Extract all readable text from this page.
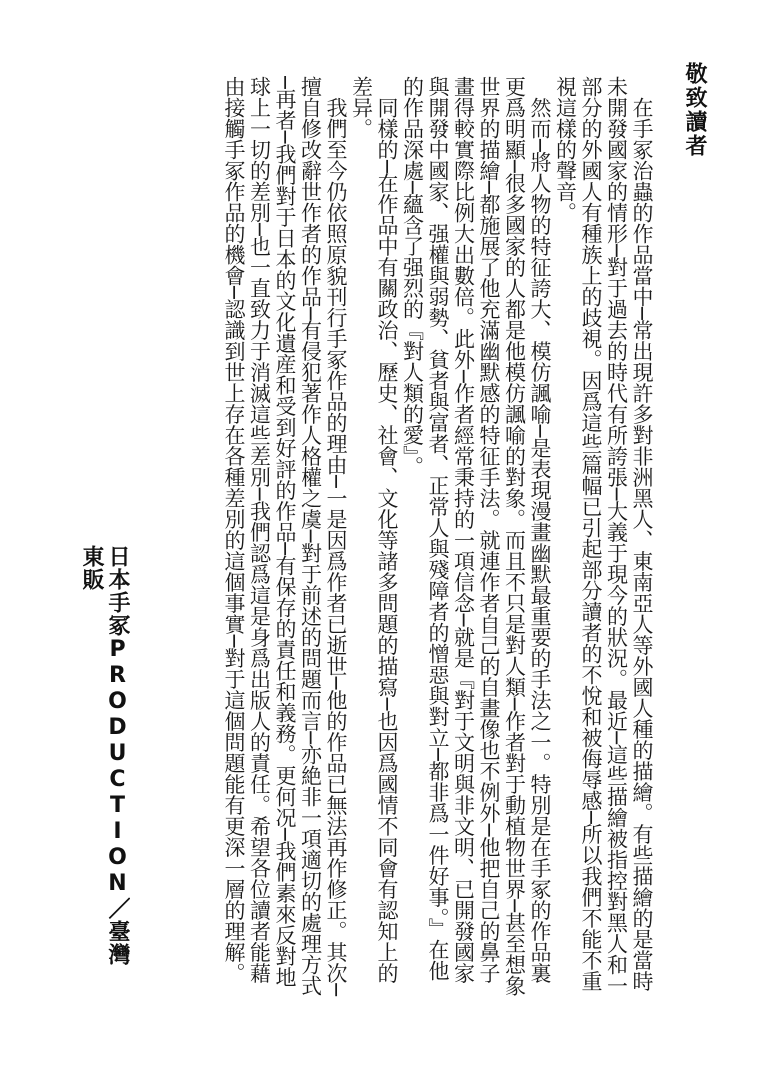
敬致讀者

在手冢治蟲的作品當中─常出現許多對非洲黑人、東南亞人等外國人種的描繪。有些描繪的是當時未開發國家的情形─對于過去的時代有所誇張─大義于現今的狀況。最近─這些描繪被指控對黑人和一部分的外國人有種族上的歧視。因爲這些篇幅已引起部分讀者的不悅和被侮辱感─所以我們不能不重視這樣的聲音。

然而─將人物的特征誇大、模仿諷喻─是表現漫畫幽默最重要的手法之一。特別是在手冢的作品裏更爲明顯─很多國家的人都是他模仿諷喻的對象。而且不只是對人類─作者對于動植物世界─甚至想象世界的描繪─都施展了他充滿幽默感的特征手法。就連作者自己的自畫像也不例外─他把自己的鼻子畫得較實際比例大出數倍。此外─作者經常秉持的一項信念─就是『對于文明與非文明、已開發國家與開發中國家、强權與弱勢、貧者與富者、正常人與殘障者的憎惡與對立─都非爲一件好事。』在他的作品深處─蘊含了强烈的『對人類的愛』。

同樣的─在作品中有關政治、歷史、社會、文化等諸多問題的描寫─也因爲國情不同會有認知上的差异。

我們至今仍依照原貌刊行手冢作品的理由─一是因爲作者已逝世─他的作品已無法再作修正。其次─擅自修改辭世作者的作品─有侵犯著作人格權之虞─對于前述的問題而言─亦絶非一項適切的處理方式─再者─我們對于日本的文化遺産和受到好評的作品─有保存的責任和義務。更何况─我們素來反對地球上一切的差別─也一直致力于消滅這些差別─我們認爲這是身爲出版人的責任。希望各位讀者能藉由接觸手冢作品的機會─認識到世上存在各種差別的這個事實─對于這個問題能有更深一層的理解。

日本手冢PRODUCTION／臺灣東販
